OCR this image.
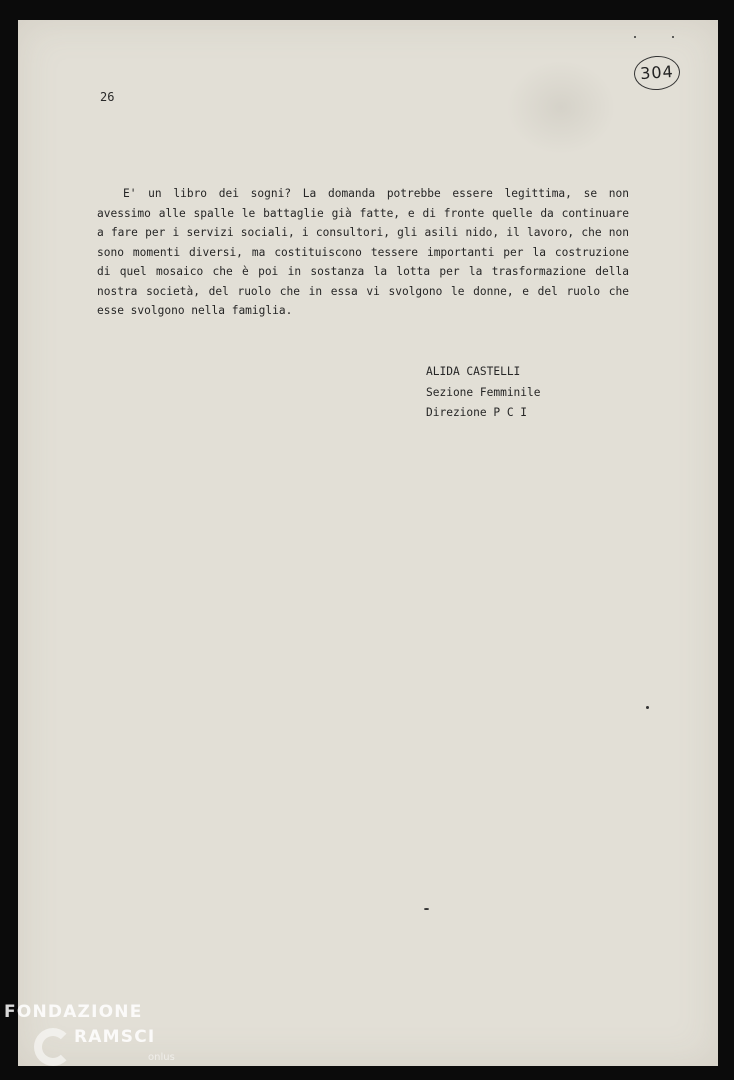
26
304

E' un libro dei sogni? La domanda potrebbe essere legittima, se non avessimo alle spalle le battaglie già fatte, e di fronte quelle da continuare a fare per i servizi sociali, i consultori, gli asili nido, il lavoro, che non sono momenti diversi, ma costituiscono tessere importanti per la costruzione di quel mosaico che è poi in sostanza la lotta per la trasformazione della nostra società, del ruolo che in essa vi svolgono le donne, e del ruolo che esse svolgono nella famiglia.

ALIDA CASTELLI
Sezione Femminile
Direzione P C I
FONDAZIONE
RAMSCI
onlus
